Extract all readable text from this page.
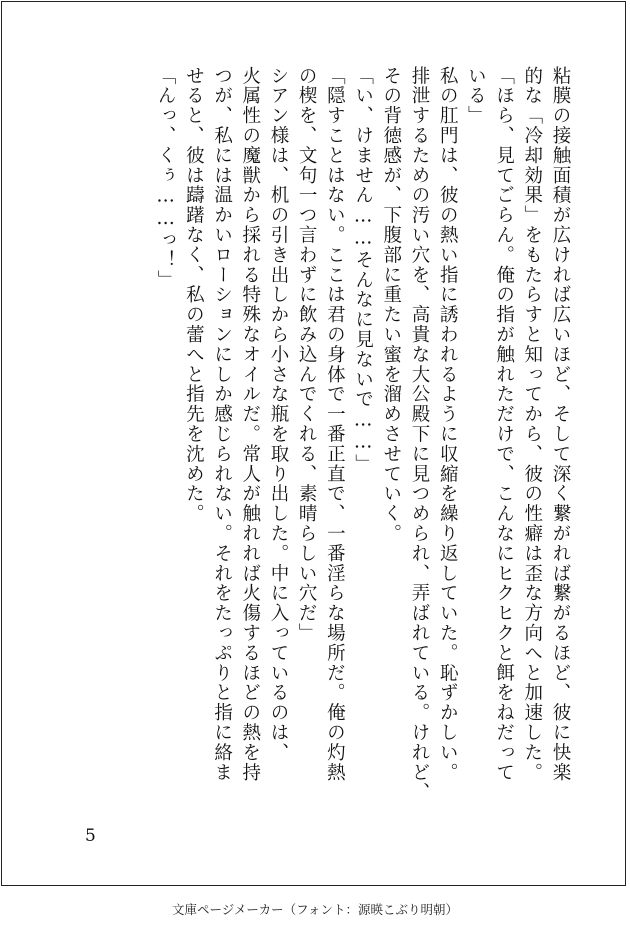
粘膜の接触面積が広ければ広いほど、そして深く繋がれば繋がるほど、彼に快楽

的な「冷却効果」をもたらすと知ってから、彼の性癖は歪な方向へと加速した。

「ほら、見てごらん。俺の指が触れただけで、こんなにヒクヒクと餌をねだって

いる」

私の肛門は、彼の熱い指に誘われるように収縮を繰り返していた。恥ずかしい。

排泄するための汚い穴を、高貴な大公殿下に見つめられ、弄ばれている。けれど、

その背徳感が、下腹部に重たい蜜を溜めさせていく。

「い、けません……そんなに見ないで……」

「隠すことはない。ここは君の身体で一番正直で、一番淫らな場所だ。俺の灼熱

の楔を、文句一つ言わずに飲み込んでくれる、素晴らしい穴だ」

シアン様は、机の引き出しから小さな瓶を取り出した。中に入っているのは、

火属性の魔獣から採れる特殊なオイルだ。常人が触れれば火傷するほどの熱を持

つが、私には温かいローションにしか感じられない。それをたっぷりと指に絡ま

せると、彼は躊躇なく、私の蕾へと指先を沈めた。

「んっ、くぅ……っ！」

5
文庫ページメーカー（フォント：源暎こぶり明朝）
